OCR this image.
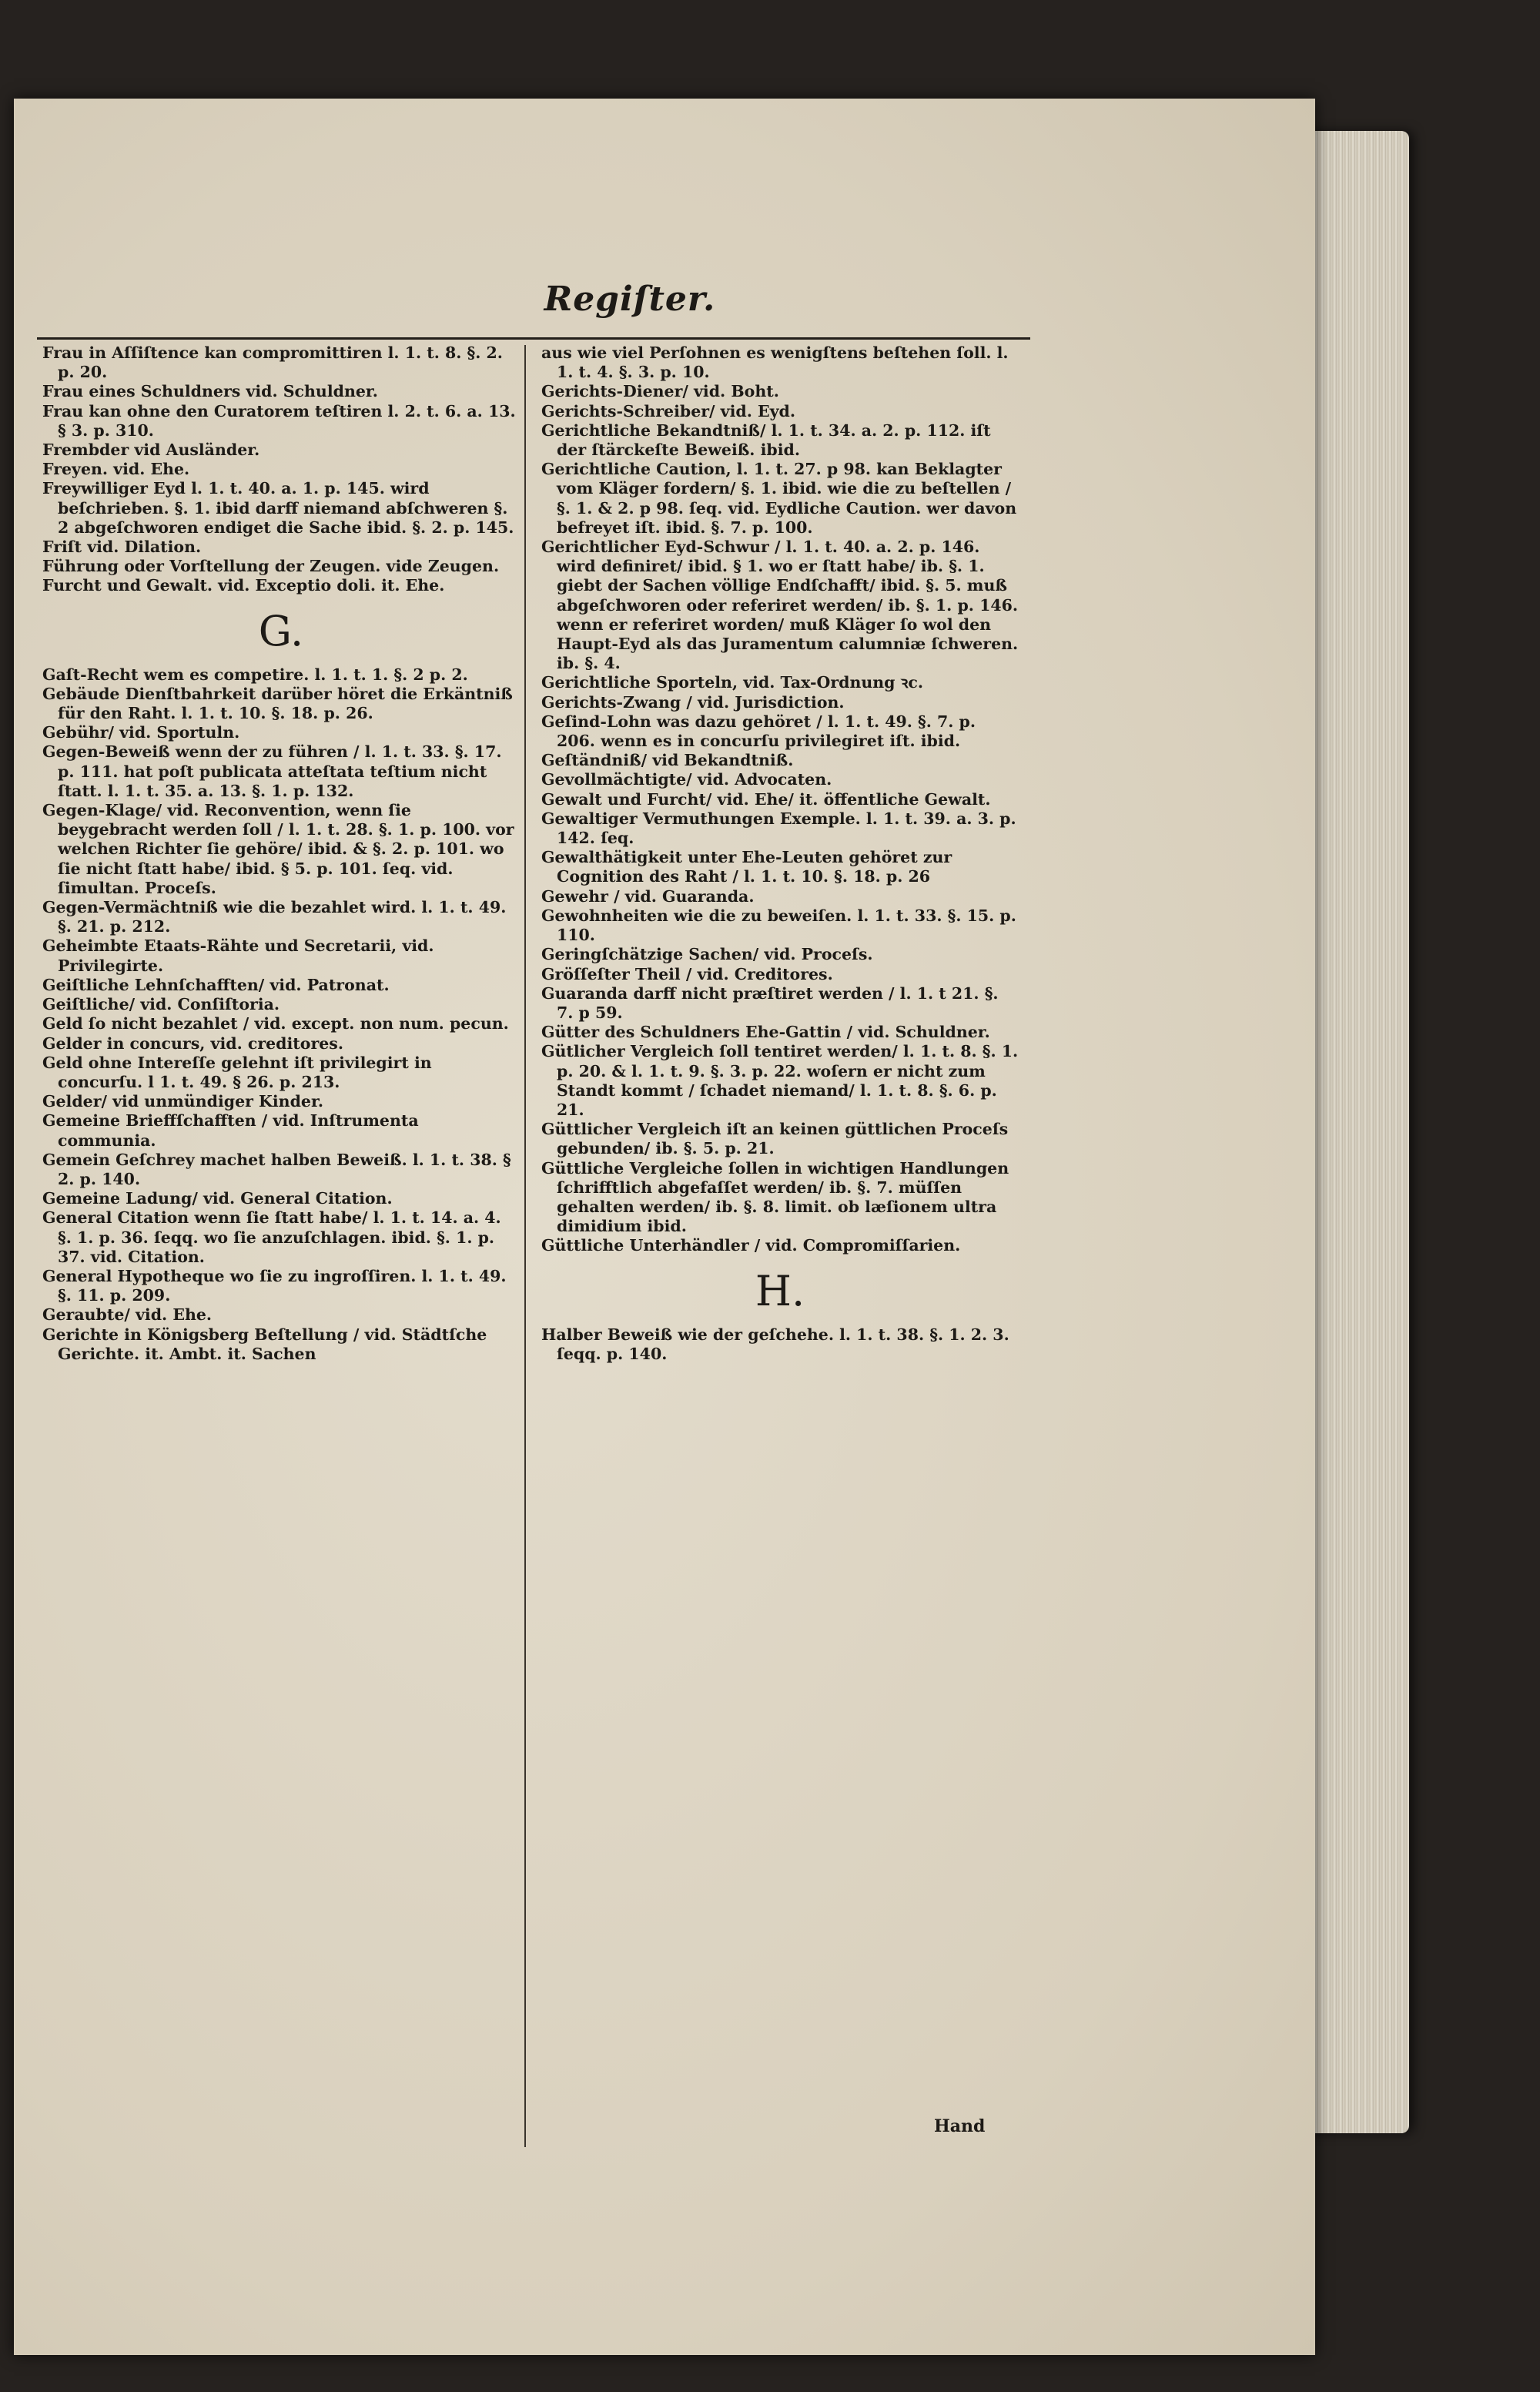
Regiſter.
Frau in Aſſiſtence kan compromittiren l. 1. t. 8. §. 2. p. 20.
Frau eines Schuldners vid. Schuldner.
Frau kan ohne den Curatorem teſtiren l. 2. t. 6. a. 13. § 3. p. 310.
Frembder vid Ausländer.
Freyen. vid. Ehe.
Freywilliger Eyd l. 1. t. 40. a. 1. p. 145. wird beſchrieben. §. 1. ibid darff niemand abſchweren §. 2 abgeſchworen endiget die Sache ibid. §. 2. p. 145.
Friſt vid. Dilation.
Führung oder Vorſtellung der Zeugen. vide Zeugen.
Furcht und Gewalt. vid. Exceptio doli. it. Ehe.
G.
Gaſt-Recht wem es competire. l. 1. t. 1. §. 2 p. 2.
Gebäude Dienſtbahrkeit darüber höret die Erkäntniß für den Raht. l. 1. t. 10. §. 18. p. 26.
Gebühr/ vid. Sportuln.
Gegen-Beweiß wenn der zu führen / l. 1. t. 33. §. 17. p. 111. hat poſt publicata atteſtata teſtium nicht ſtatt. l. 1. t. 35. a. 13. §. 1. p. 132.
Gegen-Klage/ vid. Reconvention, wenn ſie beygebracht werden ſoll / l. 1. t. 28. §. 1. p. 100. vor welchen Richter ſie gehöre/ ibid. & §. 2. p. 101. wo ſie nicht ſtatt habe/ ibid. § 5. p. 101. ſeq. vid. ſimultan. Proceſs.
Gegen-Vermächtniß wie die bezahlet wird. l. 1. t. 49. §. 21. p. 212.
Geheimbte Etaats-Rähte und Secretarii, vid. Privilegirte.
Geiſtliche Lehnſchafften/ vid. Patronat.
Geiſtliche/ vid. Conſiſtoria.
Geld ſo nicht bezahlet / vid. except. non num. pecun.
Gelder in concurs, vid. creditores.
Geld ohne Intereſſe gelehnt iſt privilegirt in concurſu. l 1. t. 49. § 26. p. 213.
Gelder/ vid unmündiger Kinder.
Gemeine Brieffſchafften / vid. Inſtrumenta communia.
Gemein Geſchrey machet halben Beweiß. l. 1. t. 38. § 2. p. 140.
Gemeine Ladung/ vid. General Citation.
General Citation wenn ſie ſtatt habe/ l. 1. t. 14. a. 4. §. 1. p. 36. ſeqq. wo ſie anzuſchlagen. ibid. §. 1. p. 37. vid. Citation.
General Hypotheque wo ſie zu ingroſſiren. l. 1. t. 49. §. 11. p. 209.
Geraubte/ vid. Ehe.
Gerichte in Königsberg Beſtellung / vid. Städtſche Gerichte. it. Ambt. it. Sachen
aus wie viel Perſohnen es wenigſtens beſtehen ſoll. l. 1. t. 4. §. 3. p. 10.
Gerichts-Diener/ vid. Boht.
Gerichts-Schreiber/ vid. Eyd.
Gerichtliche Bekandtniß/ l. 1. t. 34. a. 2. p. 112. iſt der ſtärckeſte Beweiß. ibid.
Gerichtliche Caution, l. 1. t. 27. p 98. kan Beklagter vom Kläger fordern/ §. 1. ibid. wie die zu beſtellen / §. 1. & 2. p 98. ſeq. vid. Eydliche Caution. wer davon befreyet iſt. ibid. §. 7. p. 100.
Gerichtlicher Eyd-Schwur / l. 1. t. 40. a. 2. p. 146. wird definiret/ ibid. § 1. wo er ſtatt habe/ ib. §. 1. giebt der Sachen völlige Endſchafft/ ibid. §. 5. muß abgeſchworen oder referiret werden/ ib. §. 1. p. 146. wenn er referiret worden/ muß Kläger ſo wol den Haupt-Eyd als das Juramentum calumniæ ſchweren. ib. §. 4.
Gerichtliche Sporteln, vid. Tax-Ordnung ꝛc.
Gerichts-Zwang / vid. Jurisdiction.
Geſind-Lohn was dazu gehöret / l. 1. t. 49. §. 7. p. 206. wenn es in concurſu privilegiret iſt. ibid.
Geſtändniß/ vid Bekandtniß.
Gevollmächtigte/ vid. Advocaten.
Gewalt und Furcht/ vid. Ehe/ it. öffentliche Gewalt.
Gewaltiger Vermuthungen Exemple. l. 1. t. 39. a. 3. p. 142. ſeq.
Gewalthätigkeit unter Ehe-Leuten gehöret zur Cognition des Raht / l. 1. t. 10. §. 18. p. 26
Gewehr / vid. Guaranda.
Gewohnheiten wie die zu beweiſen. l. 1. t. 33. §. 15. p. 110.
Geringſchätzige Sachen/ vid. Proceſs.
Gröſſeſter Theil / vid. Creditores.
Guaranda darff nicht præſtiret werden / l. 1. t 21. §. 7. p 59.
Gütter des Schuldners Ehe-Gattin / vid. Schuldner.
Gütlicher Vergleich ſoll tentiret werden/ l. 1. t. 8. §. 1. p. 20. & l. 1. t. 9. §. 3. p. 22. woſern er nicht zum Standt kommt / ſchadet niemand/ l. 1. t. 8. §. 6. p. 21.
Güttlicher Vergleich iſt an keinen güttlichen Proceſs gebunden/ ib. §. 5. p. 21.
Güttliche Vergleiche ſollen in wichtigen Handlungen ſchrifftlich abgefaſſet werden/ ib. §. 7. müſſen gehalten werden/ ib. §. 8. limit. ob læſionem ultra dimidium ibid.
Güttliche Unterhändler / vid. Compromiſſarien.
H.
Halber Beweiß wie der geſchehe. l. 1. t. 38. §. 1. 2. 3. ſeqq. p. 140.
Hand
